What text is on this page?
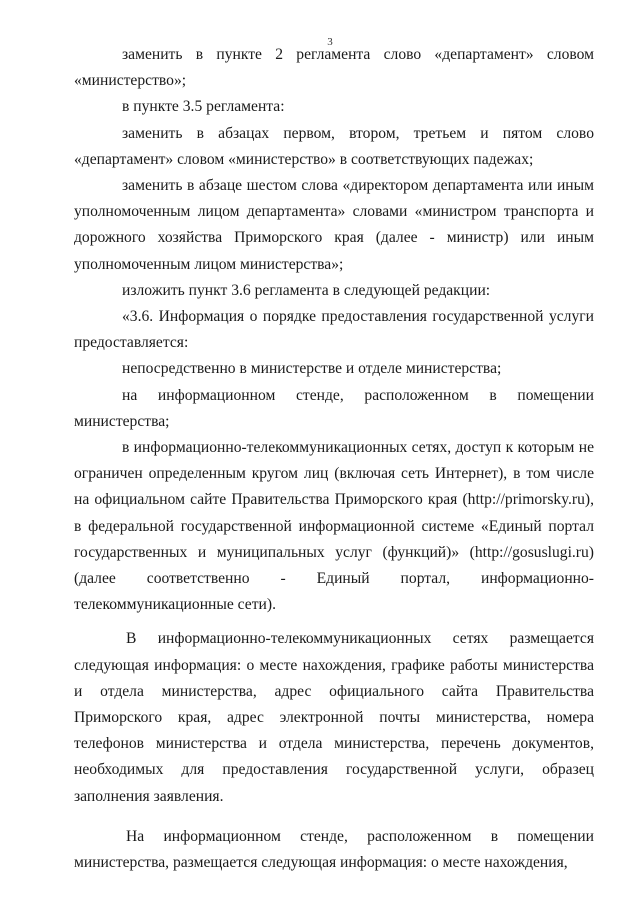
3

заменить в пункте 2 регламента слово «департамент» словом «министерство»;

в пункте 3.5 регламента:

заменить в абзацах первом, втором, третьем и пятом слово «департамент» словом «министерство» в соответствующих падежах;

заменить в абзаце шестом слова «директором департамента или иным уполномоченным лицом департамента» словами «министром транспорта и дорожного хозяйства Приморского края (далее - министр) или иным уполномоченным лицом министерства»;

изложить пункт 3.6 регламента в следующей редакции:

«3.6. Информация о порядке предоставления государственной услуги предоставляется:

непосредственно в министерстве и отделе министерства;

на информационном стенде, расположенном в помещении министерства;

в информационно-телекоммуникационных сетях, доступ к которым не ограничен определенным кругом лиц (включая сеть Интернет), в том числе на официальном сайте Правительства Приморского края (http://primorsky.ru), в федеральной государственной информационной системе «Единый портал государственных и муниципальных услуг (функций)» (http://gosuslugi.ru) (далее соответственно - Единый портал, информационно-телекоммуникационные сети).

В информационно-телекоммуникационных сетях размещается следующая информация: о месте нахождения, графике работы министерства и отдела министерства, адрес официального сайта Правительства Приморского края, адрес электронной почты министерства, номера телефонов министерства и отдела министерства, перечень документов, необходимых для предоставления государственной услуги, образец заполнения заявления.

На информационном стенде, расположенном в помещении министерства, размещается следующая информация: о месте нахождения,
